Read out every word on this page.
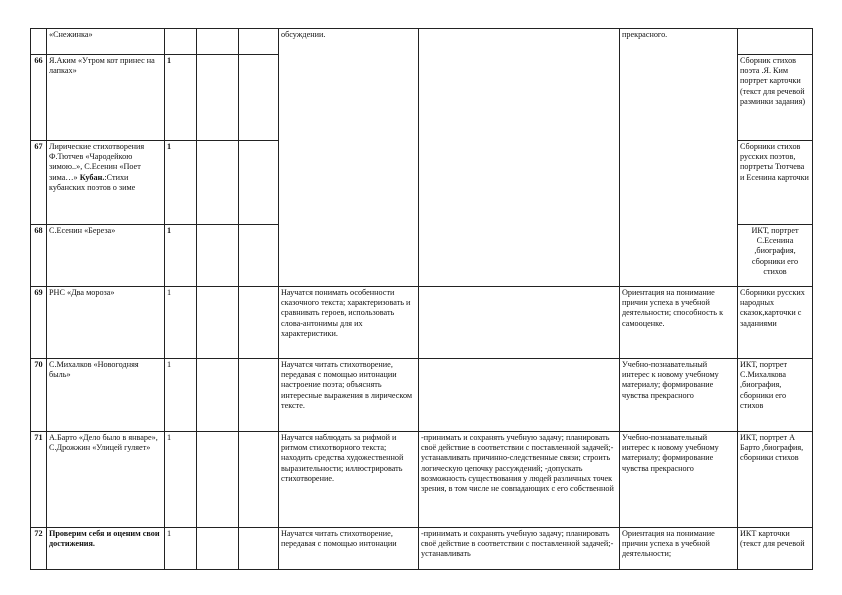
	«Снежинка»				обсуждении.		прекрасного.	
66	Я.Аким «Утром кот принес на лапках»	1						Сборник стихов поэта .Я. Ким портрет карточки (текст для речевой разминки задания)
67	Лирические стихотворения Ф.Тютчев «Чародейкою зимою..», С.Есенин «Поет зима…» Кубан.:Стихи кубанских поэтов о зиме	1						Сборники стихов русских поэтов, портреты Тютчева и Есенина карточки
68	С.Есенин «Береза»	1						ИКТ, портрет С.Есенина ,биография, сборники его стихов
69	РНС «Два мороза»	1			Научатся понимать особенности сказочного текста; характеризовать и сравнивать героев, использовать слова-антонимы для их характеристики.		Ориентация на понимание причин успеха в учебной деятельности; способность к самооценке.	Сборники русских народных сказок,карточки с заданиями
70	С.Михалков «Новогодняя быль»	1			Научатся читать стихотворение, передавая с помощью интонации настроение поэта; объяснять интересные выражения в лирическом тексте.		Учебно-познавательный интерес к новому учебному материалу; формирование чувства прекрасного	ИКТ, портрет С.Михалкова ,биография, сборники его стихов
71	А.Барто «Дело было в январе», С.Дрожжин «Улицей гуляет»	1			Научатся наблюдать за рифмой и ритмом стихотворного текста; находить средства художественной выразительности; иллюстрировать стихотворение.	-принимать и сохранять учебную задачу; планировать своё действие в соответствии с поставленной задачей;-устанавливать причинно-следственные связи; строить логическую цепочку рассуждений; -допускать возможность существования у людей различных точек зрения, в том числе не совпадающих с его собственной	Учебно-познавательный интерес к новому учебному материалу; формирование чувства прекрасного	ИКТ, портрет А Барто ,биография, сборники стихов
72	Проверим себя и оценим свои достижения.	1			Научатся читать стихотворение, передавая с помощью интонации	-принимать и сохранять учебную задачу; планировать своё действие в соответствии с поставленной задачей;-устанавливать	Ориентация на понимание причин успеха в учебной деятельности;	ИКТ карточки (текст для речевой
